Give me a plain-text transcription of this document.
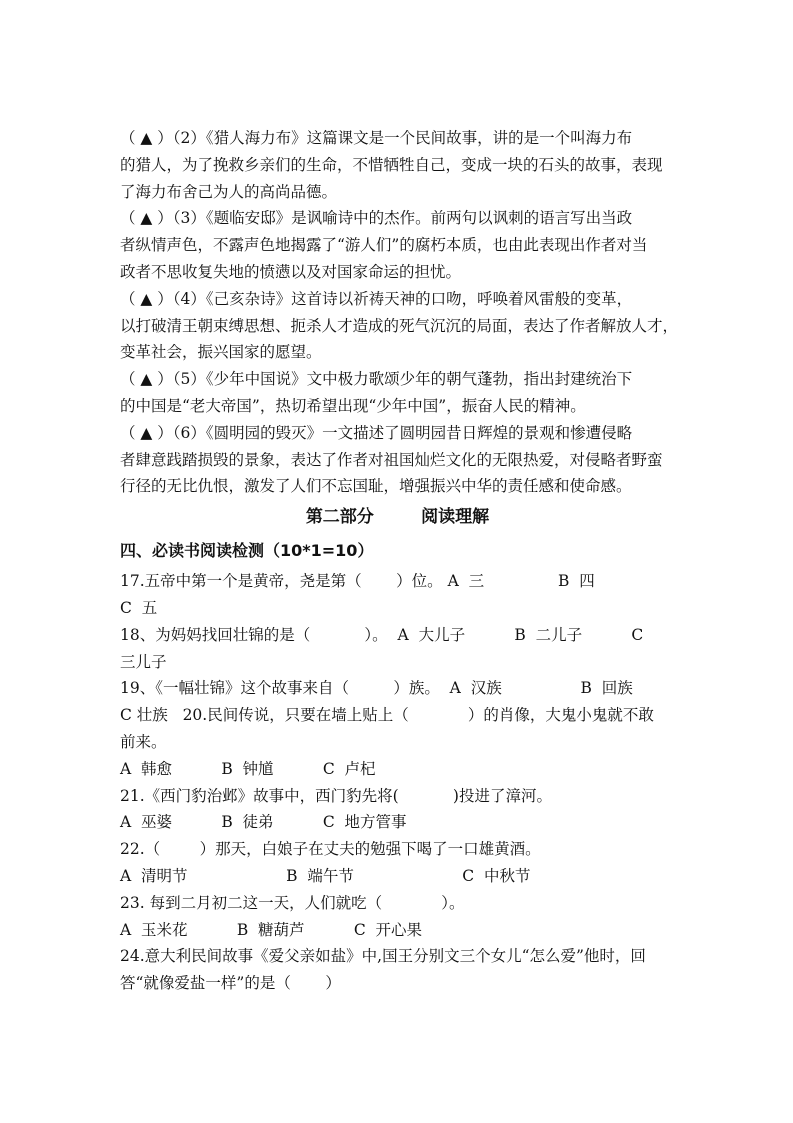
（ ▲ ）（2）《猎人海力布》这篇课文是一个民间故事，讲的是一个叫海力布
的猎人，为了挽救乡亲们的生命，不惜牺牲自己，变成一块的石头的故事，表现
了海力布舍己为人的高尚品德。
（ ▲ ）（3）《题临安邸》是讽喻诗中的杰作。前两句以讽刺的语言写出当政
者纵情声色，不露声色地揭露了“游人们”的腐朽本质，也由此表现出作者对当
政者不思收复失地的愤懑以及对国家命运的担忧。
（ ▲ ）（4）《己亥杂诗》这首诗以祈祷天神的口吻，呼唤着风雷般的变革，
以打破清王朝束缚思想、扼杀人才造成的死气沉沉的局面，表达了作者解放人才，
变革社会，振兴国家的愿望。
（ ▲ ）（5）《少年中国说》文中极力歌颂少年的朝气蓬勃，指出封建统治下
的中国是“老大帝国”，热切希望出现“少年中国”，振奋人民的精神。
（ ▲ ）（6）《圆明园的毁灭》一文描述了圆明园昔日辉煌的景观和惨遭侵略
者肆意践踏损毁的景象，表达了作者对祖国灿烂文化的无限热爱，对侵略者野蛮
行径的无比仇恨，激发了人们不忘国耻，增强振兴中华的责任感和使命感。
第二部分        阅读理解
四、必读书阅读检测（10*1=10）
17.五帝中第一个是黄帝，尧是第（       ）位。 A  三               B  四
C  五
18、为妈妈找回壮锦的是（           ）。  A  大儿子          B  二儿子          C
三儿子
19、《一幅壮锦》这个故事来自（         ）族。  A  汉族                B  回族
C 壮族   20.民间传说，只要在墙上贴上（            ）的肖像，大鬼小鬼就不敢
前来。
A  韩愈          B  钟馗          C  卢杞
21.《西门豹治邺》故事中，西门豹先将(           )投进了漳河。
A  巫婆          B  徒弟          C  地方管事
22.（        ）那天，白娘子在丈夫的勉强下喝了一口雄黄酒。
A  清明节                    B  端午节                      C  中秋节
23. 每到二月初二这一天，人们就吃（            ）。
A  玉米花          B  糖葫芦          C  开心果
24.意大利民间故事《爱父亲如盐》中,国王分别文三个女儿“怎么爱”他时，回
答“就像爱盐一样”的是（       ）
